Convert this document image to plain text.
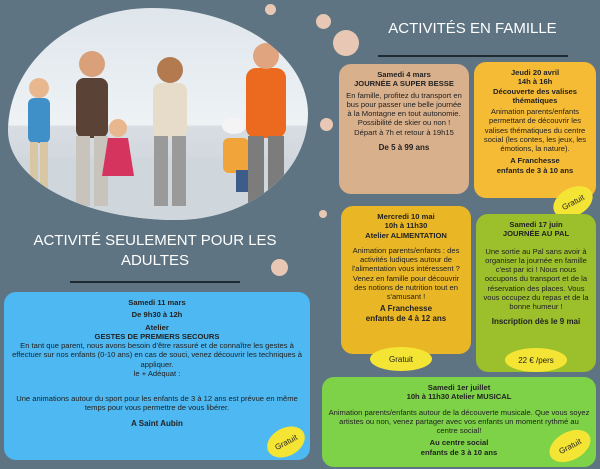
ACTIVITÉS EN FAMILLE
ACTIVITÉ SEULEMENT POUR LES ADULTES

Samedi 4 mars

JOURNÉE A SUPER BESSE

En famille, profitez du transport en bus pour passer une belle journée à la Montagne en tout autonomie.

Possibilité de skier ou non !

Départ à 7h et retour à 19h15

De 5 à 99 ans

Jeudi 20 avril

14h à 16h

Découverte des valises thématiques

Animation parents/enfants permettant de découvrir les valises thématiques du centre social (les contes, les jeux, les émotions, la nature).

A Franchesse

enfants de 3 à 10 ans

Gratuit

Mercredi 10 mai

10h à 11h30

Atelier ALIMENTATION

Animation parents/enfants : des activités ludiques autour de l'alimentation vous intéressent ? Venez en famille pour découvrir des notions de nutrition tout en s'amusant !

A Franchesse

enfants de 4 à 12 ans

Gratuit

Samedi 17 juin

JOURNÉE AU PAL

Une sortie au Pal sans avoir à organiser la journée en famille c'est par ici ! Nous nous occupons du transport et de la réservation des places. Vous vous occupez du repas et de la bonne humeur !

Inscription dès le 9 mai

22 € /pers

Samedi 1er juillet

10h à 11h30 Atelier MUSICAL

Animation parents/enfants autour de la découverte musicale. Que vous soyez artistes ou non, venez partager avec vos enfants un moment rythmé au centre social!

Au centre social

enfants de 3 à 10 ans	Gratuit

Samedi 11 mars

De 9h30 à 12h

Atelier

GESTES DE PREMIERS SECOURS

En tant que parent, nous avons besoin d'être rassuré et de connaître les gestes à effectuer sur nos enfants (0-10 ans) en cas de souci, venez découvrir les techniques à appliquer.

le + Adéquat :

Une animations autour du sport pour les enfants de 3 à 12 ans est prévue en même temps pour vous permettre de vous libérer.

A Saint Aubin

Gratuit
